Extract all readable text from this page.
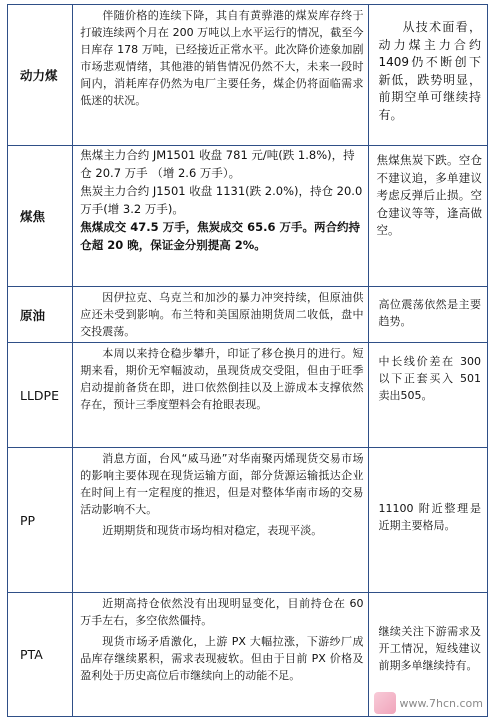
动力煤	伴随价格的连续下降，其自有黄骅港的煤炭库存终于打破连续两个月在 200 万吨以上水平运行的情况，截至今日库存 178 万吨，已经接近正常水平。此次降价迹象加剧市场悲观情绪，其他港的销售情况仍然不大，未来一段时间内，消耗库存仍然为电厂主要任务，煤企仍将面临需求低迷的状况。	从技术面看，动力煤主力合约 1409仍不断创下新低，跌势明显，前期空单可继续持有。

煤焦	焦煤主力合约 JM1501 收盘 781 元/吨(跌 1.8%)，持仓 20.7 万手 （增 2.6 万手）。

焦炭主力合约 J1501 收盘 1131(跌 2.0%)，持仓 20.0 万手(增 3.2 万手)。

焦煤成交 47.5 万手，焦炭成交 65.6 万手。两合约持仓超 20 晚，保证金分别提高 2%。	焦煤焦炭下跌。空仓不建议追，多单建议考虑反弹后止损。空仓建议等等，逢高做空。

原油	因伊拉克、乌克兰和加沙的暴力冲突持续，但原油供应还未受到影响。布兰特和美国原油期货周二收低，盘中交投震荡。	高位震荡依然是主要趋势。

LLDPE	本周以来持仓稳步攀升，印证了移仓换月的进行。短期来看，期价无窄幅波动，虽现货成交受阻，但由于旺季启动提前备货在即，进口依然倒挂以及上游成本支撑依然存在，预计三季度塑料会有抢眼表现。	中长线价差在 300 以下正套买入 501 卖出505。

PP	消息方面，台风“威马逊”对华南聚丙烯现货交易市场的影响主要体现在现货运输方面，部分货源运输抵达企业在时间上有一定程度的推迟，但是对整体华南市场的交易活动影响不大。

近期期货和现货市场均相对稳定，表现平淡。	11100 附近整理是近期主要格局。

PTA	近期高持仓依然没有出现明显变化，目前持仓在 60 万手左右，多空依然僵持。

现货市场矛盾激化，上游 PX 大幅拉涨，下游纱厂成品库存继续累积，需求表现疲软。但由于目前 PX 价格及盈利处于历史高位后市继续向上的动能不足。	继续关注下游需求及开工情况，短线建议前期多单继续持有。

www.7hcn.com
